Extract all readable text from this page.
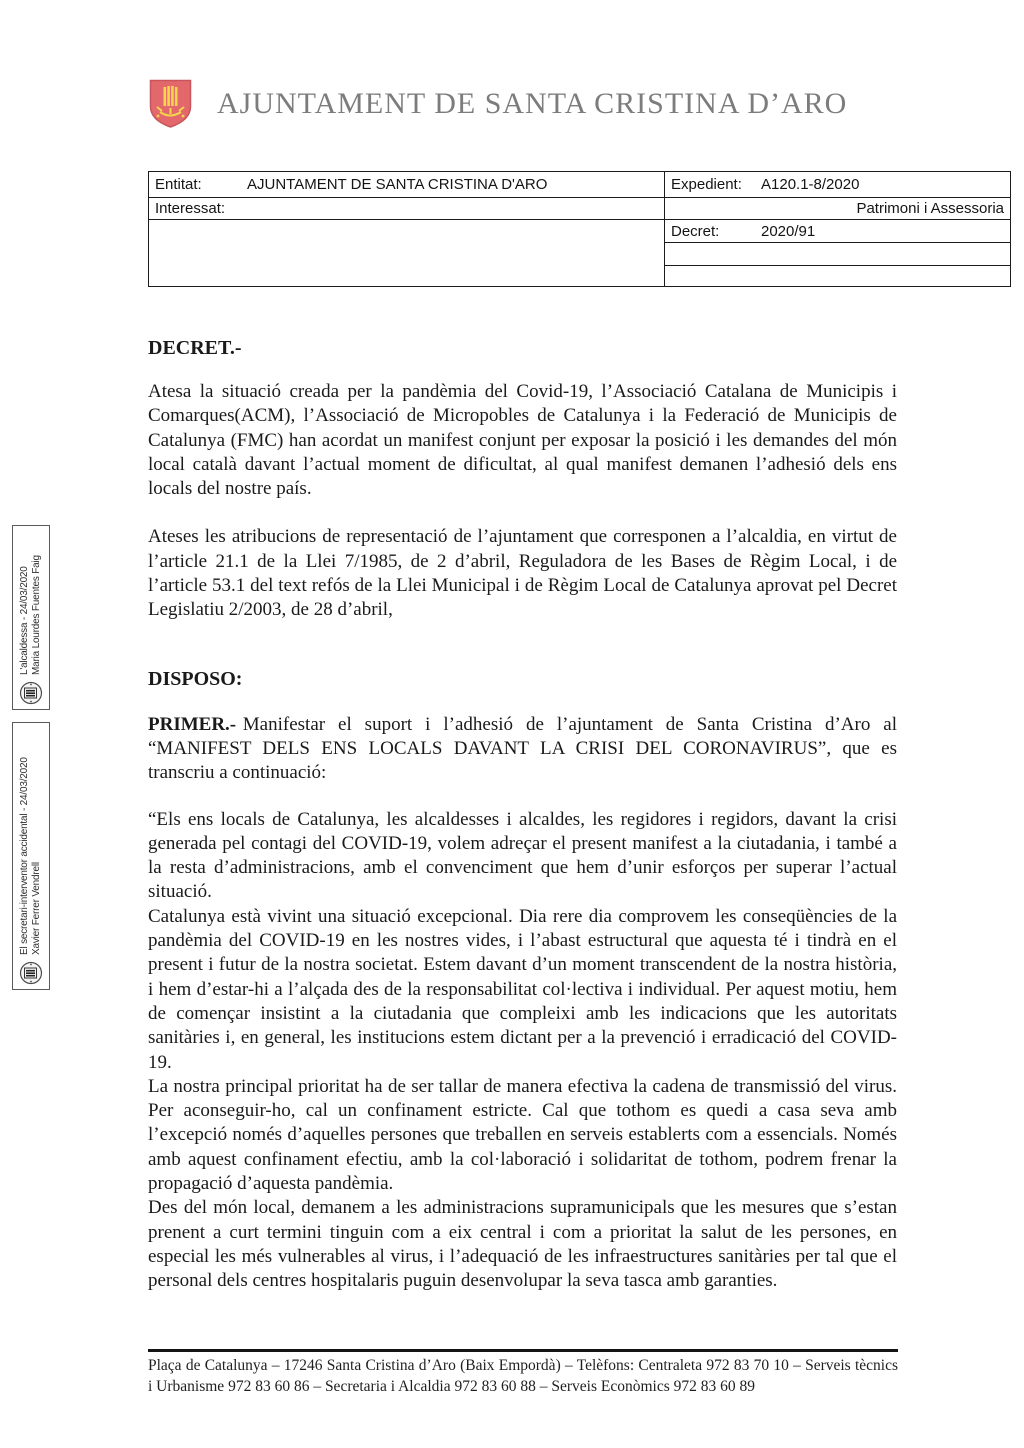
AJUNTAMENT DE SANTA CRISTINA D’ARO
Entitat: AJUNTAMENT DE SANTA CRISTINA D'ARO	Expedient: A120.1-8/2020
Interessat:	Patrimoni i Assessoria
	Decret: 2020/91

DECRET.-

Atesa la situació creada per la pandèmia del Covid-19, l’Associació Catalana de Municipis i Comarques(ACM), l’Associació de Micropobles de Catalunya i la Federació de Municipis de Catalunya (FMC) han acordat un manifest conjunt per exposar la posició i les demandes del món local català davant l’actual moment de dificultat, al qual manifest demanen l’adhesió dels ens locals del nostre país.

Ateses les atribucions de representació de l’ajuntament que corresponen a l’alcaldia, en virtut de l’article 21.1 de la Llei 7/1985, de 2 d’abril, Reguladora de les Bases de Règim Local, i de l’article 53.1 del text refós de la Llei Municipal i de Règim Local de Catalunya aprovat pel Decret Legislatiu 2/2003, de 28 d’abril,

DISPOSO:

PRIMER.- Manifestar el suport i l’adhesió de l’ajuntament de Santa Cristina d’Aro al “MANIFEST DELS ENS LOCALS DAVANT LA CRISI DEL CORONAVIRUS”, que es transcriu a continuació:

“Els ens locals de Catalunya, les alcaldesses i alcaldes, les regidores i regidors, davant la crisi generada pel contagi del COVID-19, volem adreçar el present manifest a la ciutadania, i també a la resta d’administracions, amb el convenciment que hem d’unir esforços per superar l’actual situació.

Catalunya està vivint una situació excepcional. Dia rere dia comprovem les conseqüències de la pandèmia del COVID-19 en les nostres vides, i l’abast estructural que aquesta té i tindrà en el present i futur de la nostra societat. Estem davant d’un moment transcendent de la nostra història, i hem d’estar-hi a l’alçada des de la responsabilitat col·lectiva i individual. Per aquest motiu, hem de començar insistint a la ciutadania que compleixi amb les indicacions que les autoritats sanitàries i, en general, les institucions estem dictant per a la prevenció i erradicació del COVID-19.

La nostra principal prioritat ha de ser tallar de manera efectiva la cadena de transmissió del virus. Per aconseguir-ho, cal un confinament estricte. Cal que tothom es quedi a casa seva amb l’excepció només d’aquelles persones que treballen en serveis establerts com a essencials. Només amb aquest confinament efectiu, amb la col·laboració i solidaritat de tothom, podrem frenar la propagació d’aquesta pandèmia.

Des del món local, demanem a les administracions supramunicipals que les mesures que s’estan prenent a curt termini tinguin com a eix central i com a prioritat la salut de les persones, en especial les més vulnerables al virus, i l’adequació de les infraestructures sanitàries per tal que el personal dels centres hospitalaris puguin desenvolupar la seva tasca amb garanties.

L'alcaldessa - 24/03/2020 Maria Lourdes Fuentes Faig
El secretari-interventor accidental - 24/03/2020 Xavier Ferrer Vendrell

Plaça de Catalunya – 17246 Santa Cristina d’Aro (Baix Empordà) – Telèfons: Centraleta 972 83 70 10 – Serveis tècnics i Urbanisme 972 83 60 86 – Secretaria i Alcaldia 972 83 60 88 – Serveis Econòmics 972 83 60 89
